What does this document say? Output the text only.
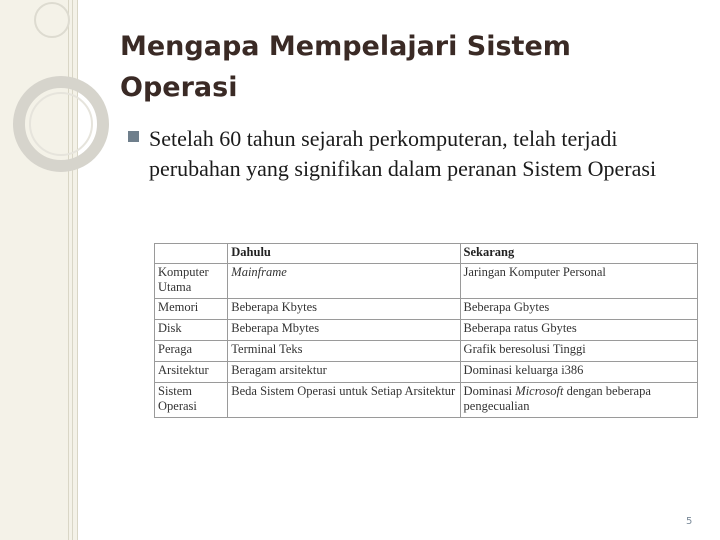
Mengapa Mempelajari Sistem Operasi
Setelah 60 tahun sejarah perkomputeran, telah terjadi perubahan yang signifikan dalam peranan Sistem Operasi
	Dahulu	Sekarang
Komputer Utama	Mainframe	Jaringan Komputer Personal
Memori	Beberapa Kbytes	Beberapa Gbytes
Disk	Beberapa Mbytes	Beberapa ratus Gbytes
Peraga	Terminal Teks	Grafik beresolusi Tinggi
Arsitektur	Beragam arsitektur	Dominasi keluarga i386
Sistem Operasi	Beda Sistem Operasi untuk Setiap Arsitektur	Dominasi Microsoft dengan beberapa pengecualian
5
